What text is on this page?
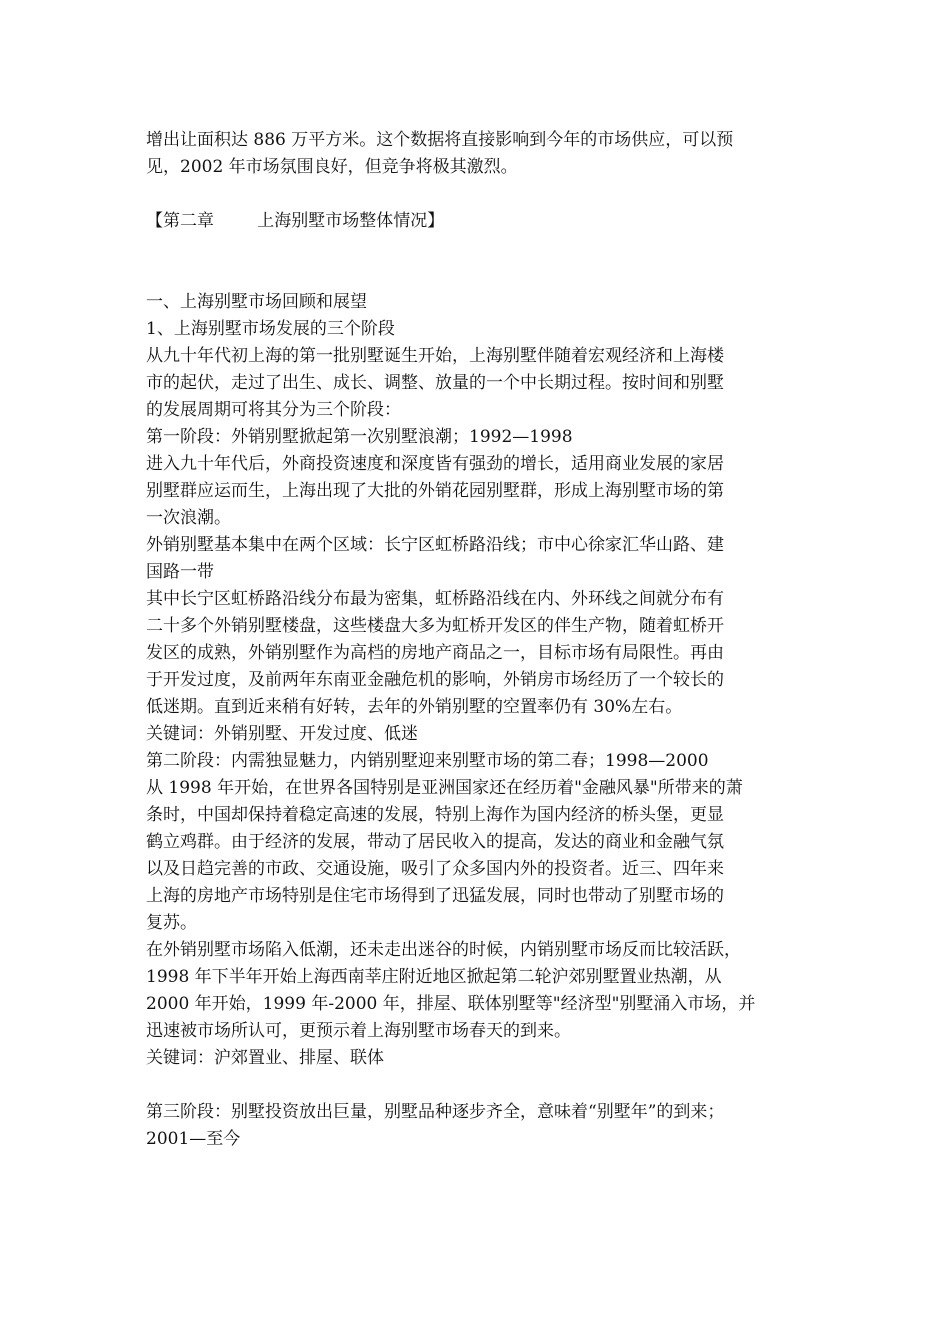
增出让面积达 886 万平方米。这个数据将直接影响到今年的市场供应，可以预

见，2002 年市场氛围良好，但竞争将极其激烈。

【第二章        上海别墅市场整体情况】

一、上海别墅市场回顾和展望

1、上海别墅市场发展的三个阶段

从九十年代初上海的第一批别墅诞生开始，上海别墅伴随着宏观经济和上海楼

市的起伏，走过了出生、成长、调整、放量的一个中长期过程。按时间和别墅

的发展周期可将其分为三个阶段：

第一阶段：外销别墅掀起第一次别墅浪潮；1992—1998

进入九十年代后，外商投资速度和深度皆有强劲的增长，适用商业发展的家居

别墅群应运而生，上海出现了大批的外销花园别墅群，形成上海别墅市场的第

一次浪潮。

外销别墅基本集中在两个区域：长宁区虹桥路沿线；市中心徐家汇华山路、建

国路一带

其中长宁区虹桥路沿线分布最为密集，虹桥路沿线在内、外环线之间就分布有

二十多个外销别墅楼盘，这些楼盘大多为虹桥开发区的伴生产物，随着虹桥开

发区的成熟，外销别墅作为高档的房地产商品之一，目标市场有局限性。再由

于开发过度，及前两年东南亚金融危机的影响，外销房市场经历了一个较长的

低迷期。直到近来稍有好转，去年的外销别墅的空置率仍有 30%左右。

关键词：外销别墅、开发过度、低迷

第二阶段：内需独显魅力，内销别墅迎来别墅市场的第二春；1998—2000

从 1998 年开始，在世界各国特别是亚洲国家还在经历着"金融风暴"所带来的萧

条时，中国却保持着稳定高速的发展，特别上海作为国内经济的桥头堡，更显

鹤立鸡群。由于经济的发展，带动了居民收入的提高，发达的商业和金融气氛

以及日趋完善的市政、交通设施，吸引了众多国内外的投资者。近三、四年来

上海的房地产市场特别是住宅市场得到了迅猛发展，同时也带动了别墅市场的

复苏。

在外销别墅市场陷入低潮，还未走出迷谷的时候，内销别墅市场反而比较活跃，

1998 年下半年开始上海西南莘庄附近地区掀起第二轮沪郊别墅置业热潮，从

2000 年开始，1999 年-2000 年，排屋、联体别墅等"经济型"别墅涌入市场，并

迅速被市场所认可，更预示着上海别墅市场春天的到来。

关键词：沪郊置业、排屋、联体

第三阶段：别墅投资放出巨量，别墅品种逐步齐全，意味着“别墅年”的到来；

2001—至今
